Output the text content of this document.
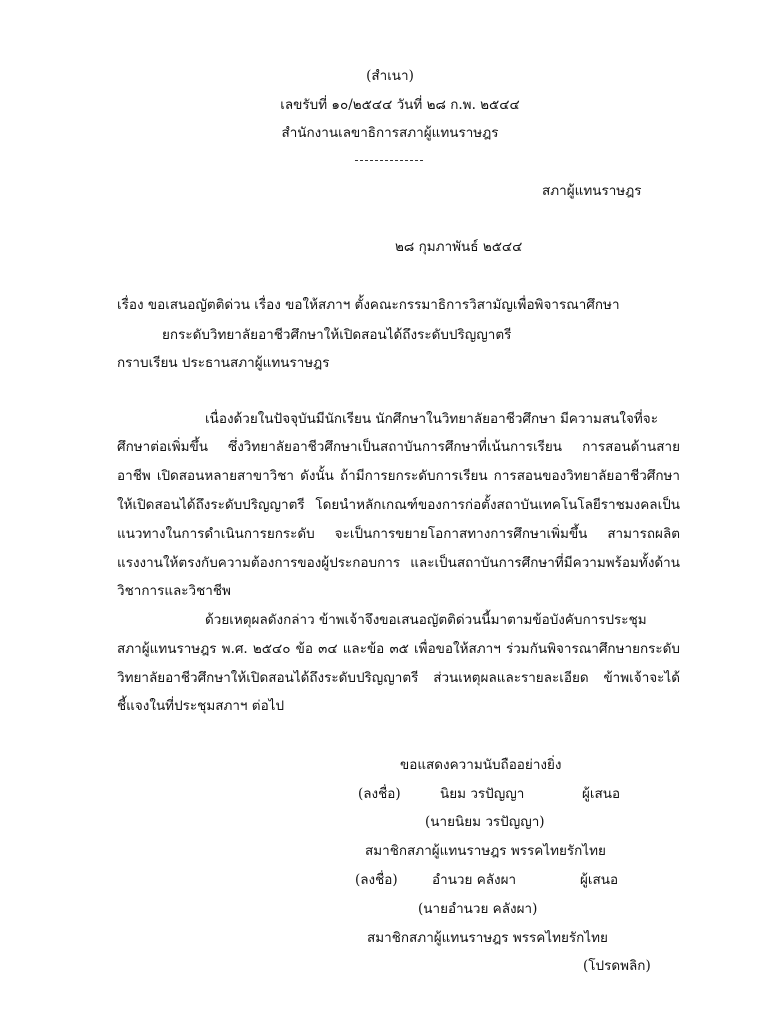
(สำเนา)
เลขรับที่ ๑๐/๒๕๔๔ วันที่ ๒๘ ก.พ. ๒๕๔๔
สำนักงานเลขาธิการสภาผู้แทนราษฎร
สภาผู้แทนราษฎร
๒๘ กุมภาพันธ์ ๒๕๔๔
เรื่อง ขอเสนอญัตติด่วน เรื่อง ขอให้สภาฯ ตั้งคณะกรรมาธิการวิสามัญเพื่อพิจารณาศึกษา
ยกระดับวิทยาลัยอาชีวศึกษาให้เปิดสอนได้ถึงระดับปริญญาตรี
กราบเรียน ประธานสภาผู้แทนราษฎร
เนื่องด้วยในปัจจุบันมีนักเรียน นักศึกษาในวิทยาลัยอาชีวศึกษา มีความสนใจที่จะ
ศึกษาต่อเพิ่มขึ้น ซึ่งวิทยาลัยอาชีวศึกษาเป็นสถาบันการศึกษาที่เน้นการเรียน การสอนด้านสาย
อาชีพ เปิดสอนหลายสาขาวิชา ดังนั้น ถ้ามีการยกระดับการเรียน การสอนของวิทยาลัยอาชีวศึกษา
ให้เปิดสอนได้ถึงระดับปริญญาตรี โดยนำหลักเกณฑ์ของการก่อตั้งสถาบันเทคโนโลยีราชมงคลเป็น
แนวทางในการดำเนินการยกระดับ จะเป็นการขยายโอกาสทางการศึกษาเพิ่มขึ้น สามารถผลิต
แรงงานให้ตรงกับความต้องการของผู้ประกอบการ และเป็นสถาบันการศึกษาที่มีความพร้อมทั้งด้าน
วิชาการและวิชาชีพ
ด้วยเหตุผลดังกล่าว ข้าพเจ้าจึงขอเสนอญัตติด่วนนี้มาตามข้อบังคับการประชุม
สภาผู้แทนราษฎร พ.ศ. ๒๕๔๐ ข้อ ๓๔ และข้อ ๓๕ เพื่อขอให้สภาฯ ร่วมกันพิจารณาศึกษายกระดับ
วิทยาลัยอาชีวศึกษาให้เปิดสอนได้ถึงระดับปริญญาตรี ส่วนเหตุผลและรายละเอียด ข้าพเจ้าจะได้
ชี้แจงในที่ประชุมสภาฯ ต่อไป
ขอแสดงความนับถืออย่างยิ่ง
(ลงชื่อ)	นิยม วรปัญญา	ผู้เสนอ
(นายนิยม วรปัญญา)
สมาชิกสภาผู้แทนราษฎร พรรคไทยรักไทย
(ลงชื่อ)	อำนวย คลังผา	ผู้เสนอ
(นายอำนวย คลังผา)
สมาชิกสภาผู้แทนราษฎร พรรคไทยรักไทย
(โปรดพลิก)
